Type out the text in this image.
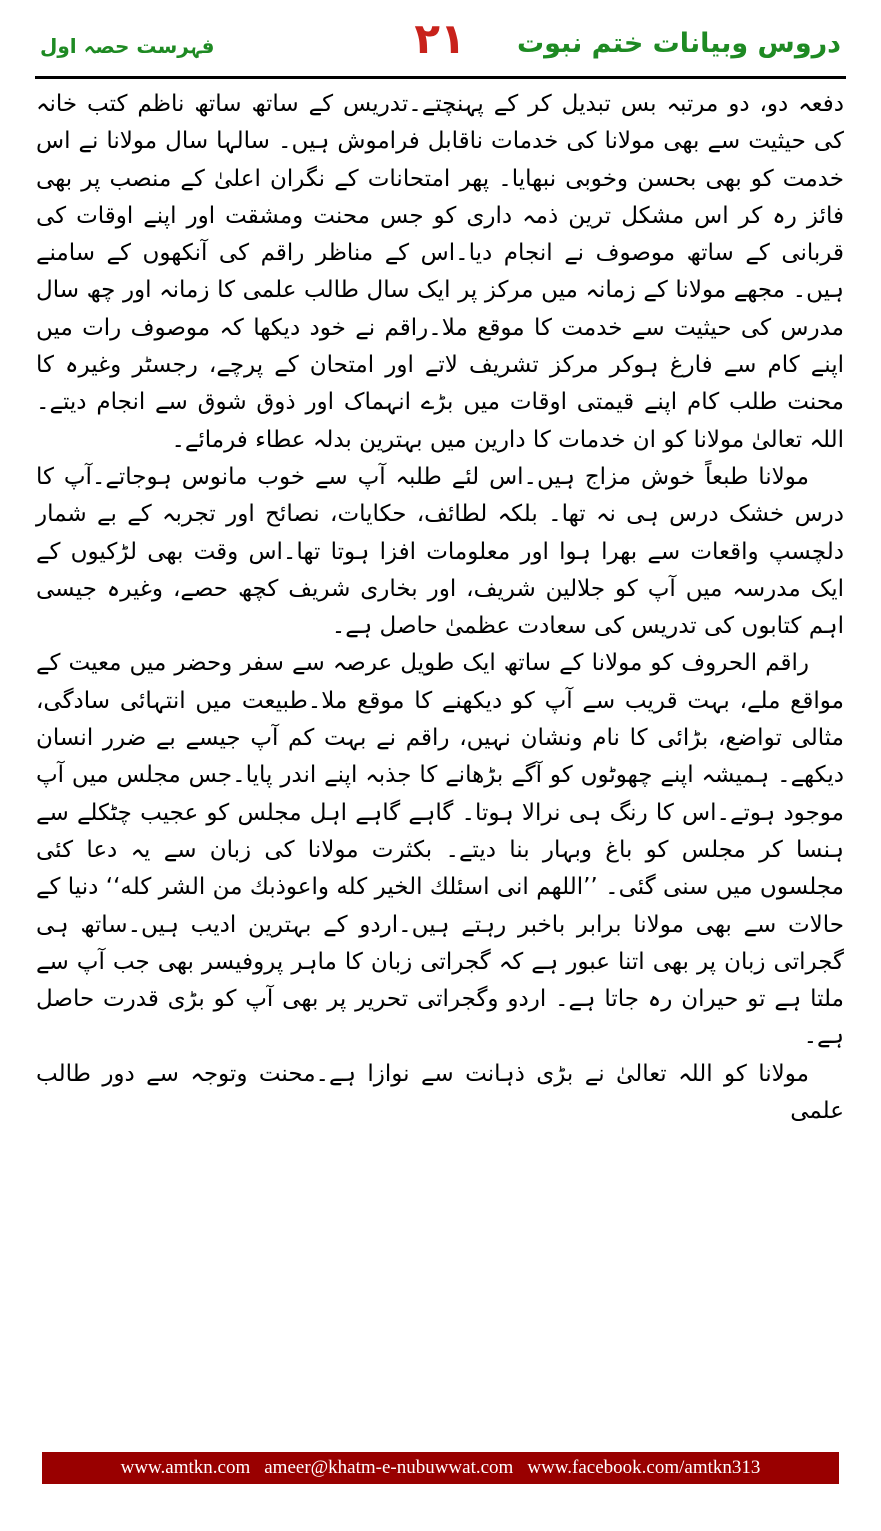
دروس وبیانات ختم نبوت
٢١
فہرست حصہ اول

دفعہ دو، دو مرتبہ بس تبدیل کر کے پہنچتے۔تدریس کے ساتھ ساتھ ناظم کتب خانہ کی حیثیت سے بھی مولانا کی خدمات ناقابل فراموش ہیں۔ سالہا سال مولانا نے اس خدمت کو بھی بحسن وخوبی نبھایا۔ پھر امتحانات کے نگران اعلیٰ کے منصب پر بھی فائز رہ کر اس مشکل ترین ذمہ داری کو جس محنت ومشقت اور اپنے اوقات کی قربانی کے ساتھ موصوف نے انجام دیا۔اس کے مناظر راقم کی آنکھوں کے سامنے ہیں۔ مجھے مولانا کے زمانہ میں مرکز پر ایک سال طالب علمی کا زمانہ اور چھ سال مدرس کی حیثیت سے خدمت کا موقع ملا۔راقم نے خود دیکھا کہ موصوف رات میں اپنے کام سے فارغ ہوکر مرکز تشریف لاتے اور امتحان کے پرچے، رجسٹر وغیرہ کا محنت طلب کام اپنے قیمتی اوقات میں بڑے انہماک اور ذوق شوق سے انجام دیتے۔ اللہ تعالیٰ مولانا کو ان خدمات کا دارین میں بہترین بدلہ عطاء فرمائے۔

مولانا طبعاً خوش مزاج ہیں۔اس لئے طلبہ آپ سے خوب مانوس ہوجاتے۔آپ کا درس خشک درس ہی نہ تھا۔ بلکہ لطائف، حکایات، نصائح اور تجربہ کے بے شمار دلچسپ واقعات سے بھرا ہوا اور معلومات افزا ہوتا تھا۔اس وقت بھی لڑکیوں کے ایک مدرسہ میں آپ کو جلالین شریف، اور بخاری شریف کچھ حصے، وغیرہ جیسی اہم کتابوں کی تدریس کی سعادت عظمیٰ حاصل ہے۔

راقم الحروف کو مولانا کے ساتھ ایک طویل عرصہ سے سفر وحضر میں معیت کے مواقع ملے، بہت قریب سے آپ کو دیکھنے کا موقع ملا۔طبیعت میں انتہائی سادگی، مثالی تواضع، بڑائی کا نام ونشان نہیں، راقم نے بہت کم آپ جیسے بے ضرر انسان دیکھے۔ ہمیشہ اپنے چھوٹوں کو آگے بڑھانے کا جذبہ اپنے اندر پایا۔جس مجلس میں آپ موجود ہوتے۔اس کا رنگ ہی نرالا ہوتا۔ گاہے گاہے اہل مجلس کو عجیب چٹکلے سے ہنسا کر مجلس کو باغ وبہار بنا دیتے۔ بکثرت مولانا کی زبان سے یہ دعا کئی مجلسوں میں سنی گئی۔ ’’اللھم انی اسئلك الخیر كله واعوذبك من الشر كله‘‘ دنیا کے حالات سے بھی مولانا برابر باخبر رہتے ہیں۔اردو کے بہترین ادیب ہیں۔ساتھ ہی گجراتی زبان پر بھی اتنا عبور ہے کہ گجراتی زبان کا ماہر پروفیسر بھی جب آپ سے ملتا ہے تو حیران رہ جاتا ہے۔ اردو وگجراتی تحریر پر بھی آپ کو بڑی قدرت حاصل ہے۔

مولانا کو اللہ تعالیٰ نے بڑی ذہانت سے نوازا ہے۔محنت وتوجہ سے دور طالب علمی

www.amtkn.com ameer@khatm-e-nubuwwat.com www.facebook.com/amtkn313
